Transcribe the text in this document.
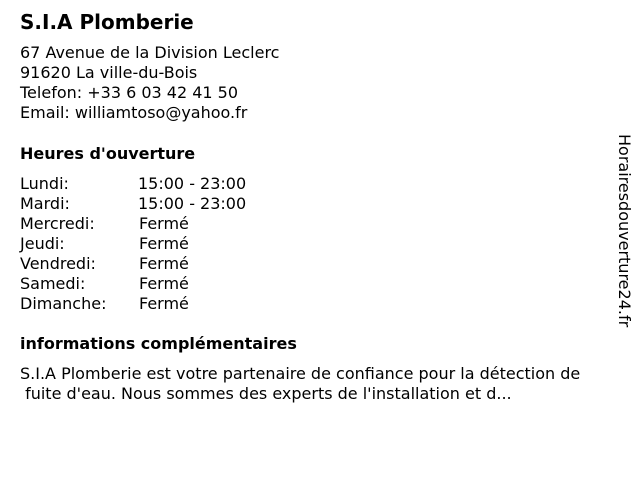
S.I.A Plomberie
67 Avenue de la Division Leclerc
91620 La ville-du-Bois
Telefon: +33 6 03 42 41 50
Email: williamtoso@yahoo.fr
Heures d'ouverture
Lundi:	15:00 - 23:00
Mardi:	15:00 - 23:00
Mercredi:	Fermé
Jeudi:	Fermé
Vendredi:	Fermé
Samedi:	Fermé
Dimanche: Fermé
informations complémentaires
S.I.A Plomberie est votre partenaire de confiance pour la détection de
fuite d'eau. Nous sommes des experts de l'installation et d...
Horairesdouverture24.fr
